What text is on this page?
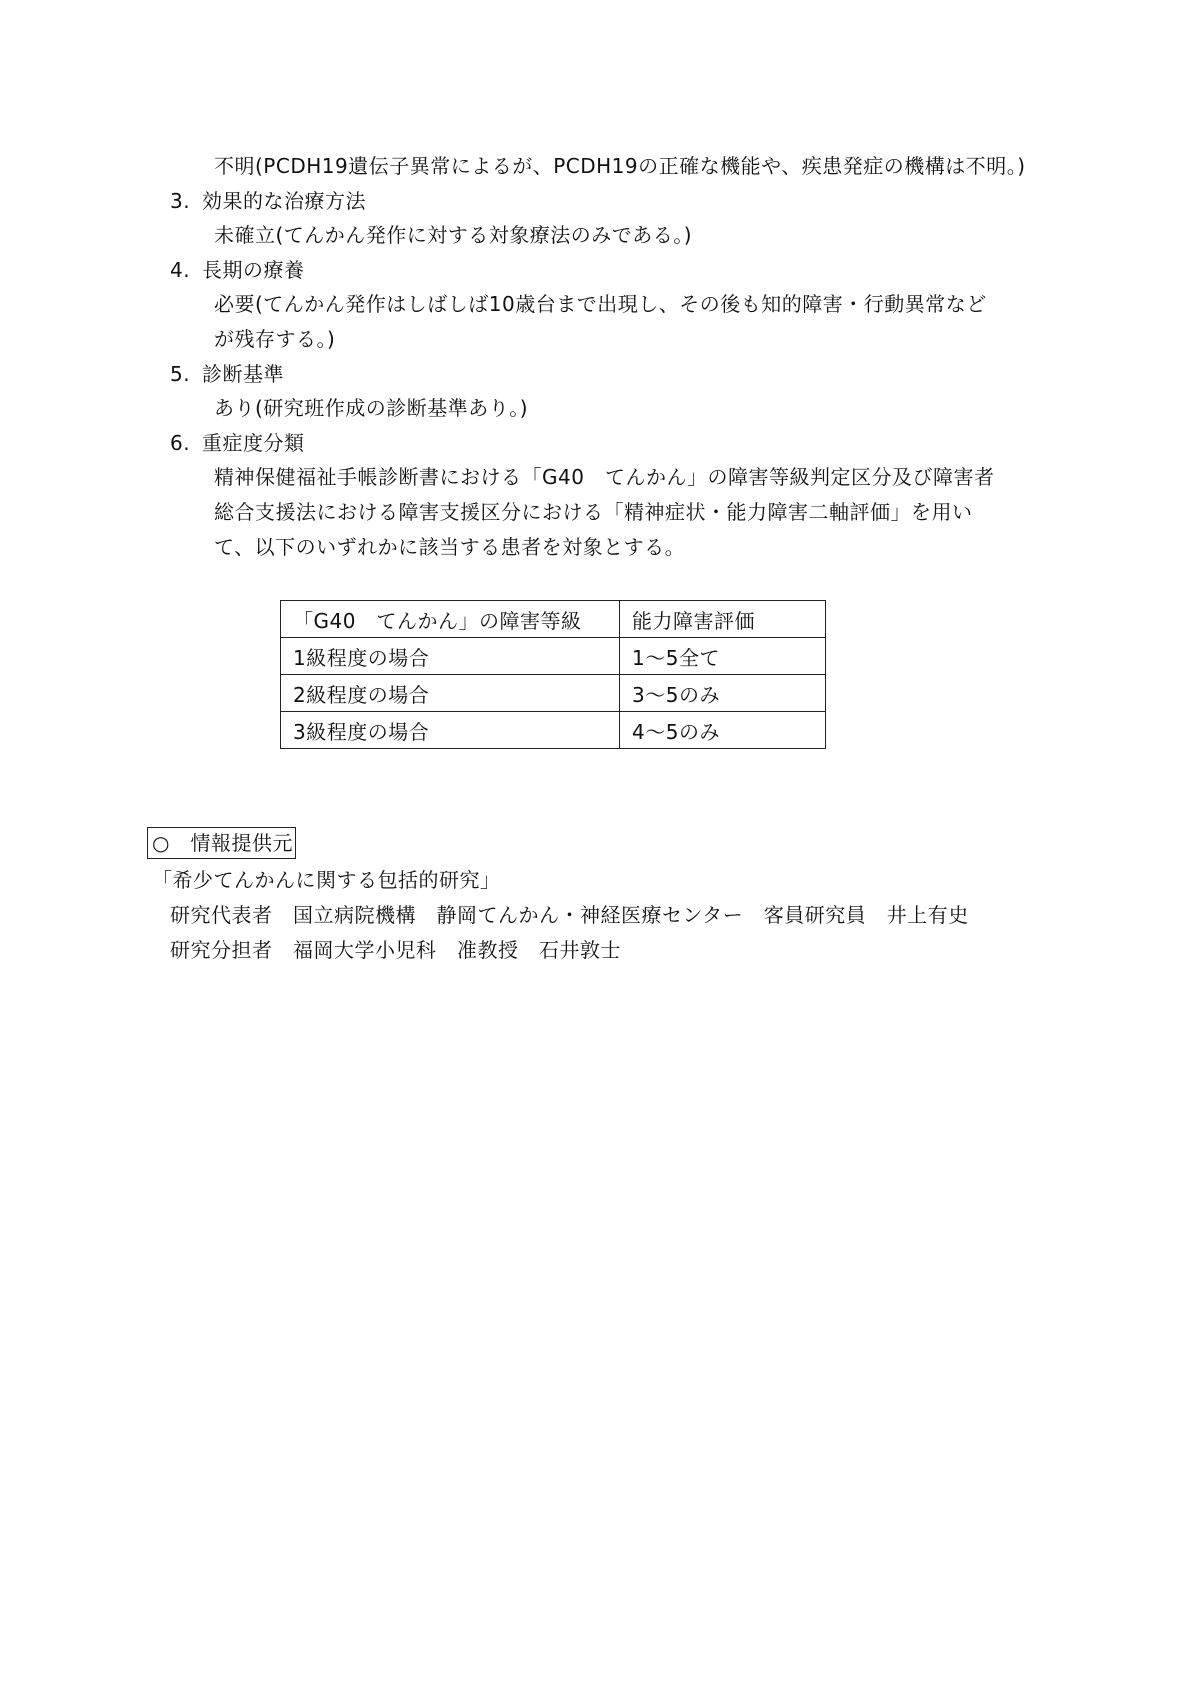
不明(PCDH19遺伝子異常によるが、PCDH19の正確な機能や、疾患発症の機構は不明。)
3. 効果的な治療方法
未確立(てんかん発作に対する対象療法のみである。)
4. 長期の療養
必要(てんかん発作はしばしば10歳台まで出現し、その後も知的障害・行動異常など
が残存する。)
5. 診断基準
あり(研究班作成の診断基準あり。)
6. 重症度分類
精神保健福祉手帳診断書における「G40　てんかん」の障害等級判定区分及び障害者
総合支援法における障害支援区分における「精神症状・能力障害二軸評価」を用い
て、以下のいずれかに該当する患者を対象とする。
「G40　てんかん」の障害等級	能力障害評価
1級程度の場合	1～5全て
2級程度の場合	3～5のみ
3級程度の場合	4～5のみ
○　情報提供元
「希少てんかんに関する包括的研究」
研究代表者　国立病院機構　静岡てんかん・神経医療センター　客員研究員　井上有史
研究分担者　福岡大学小児科　准教授　石井敦士
